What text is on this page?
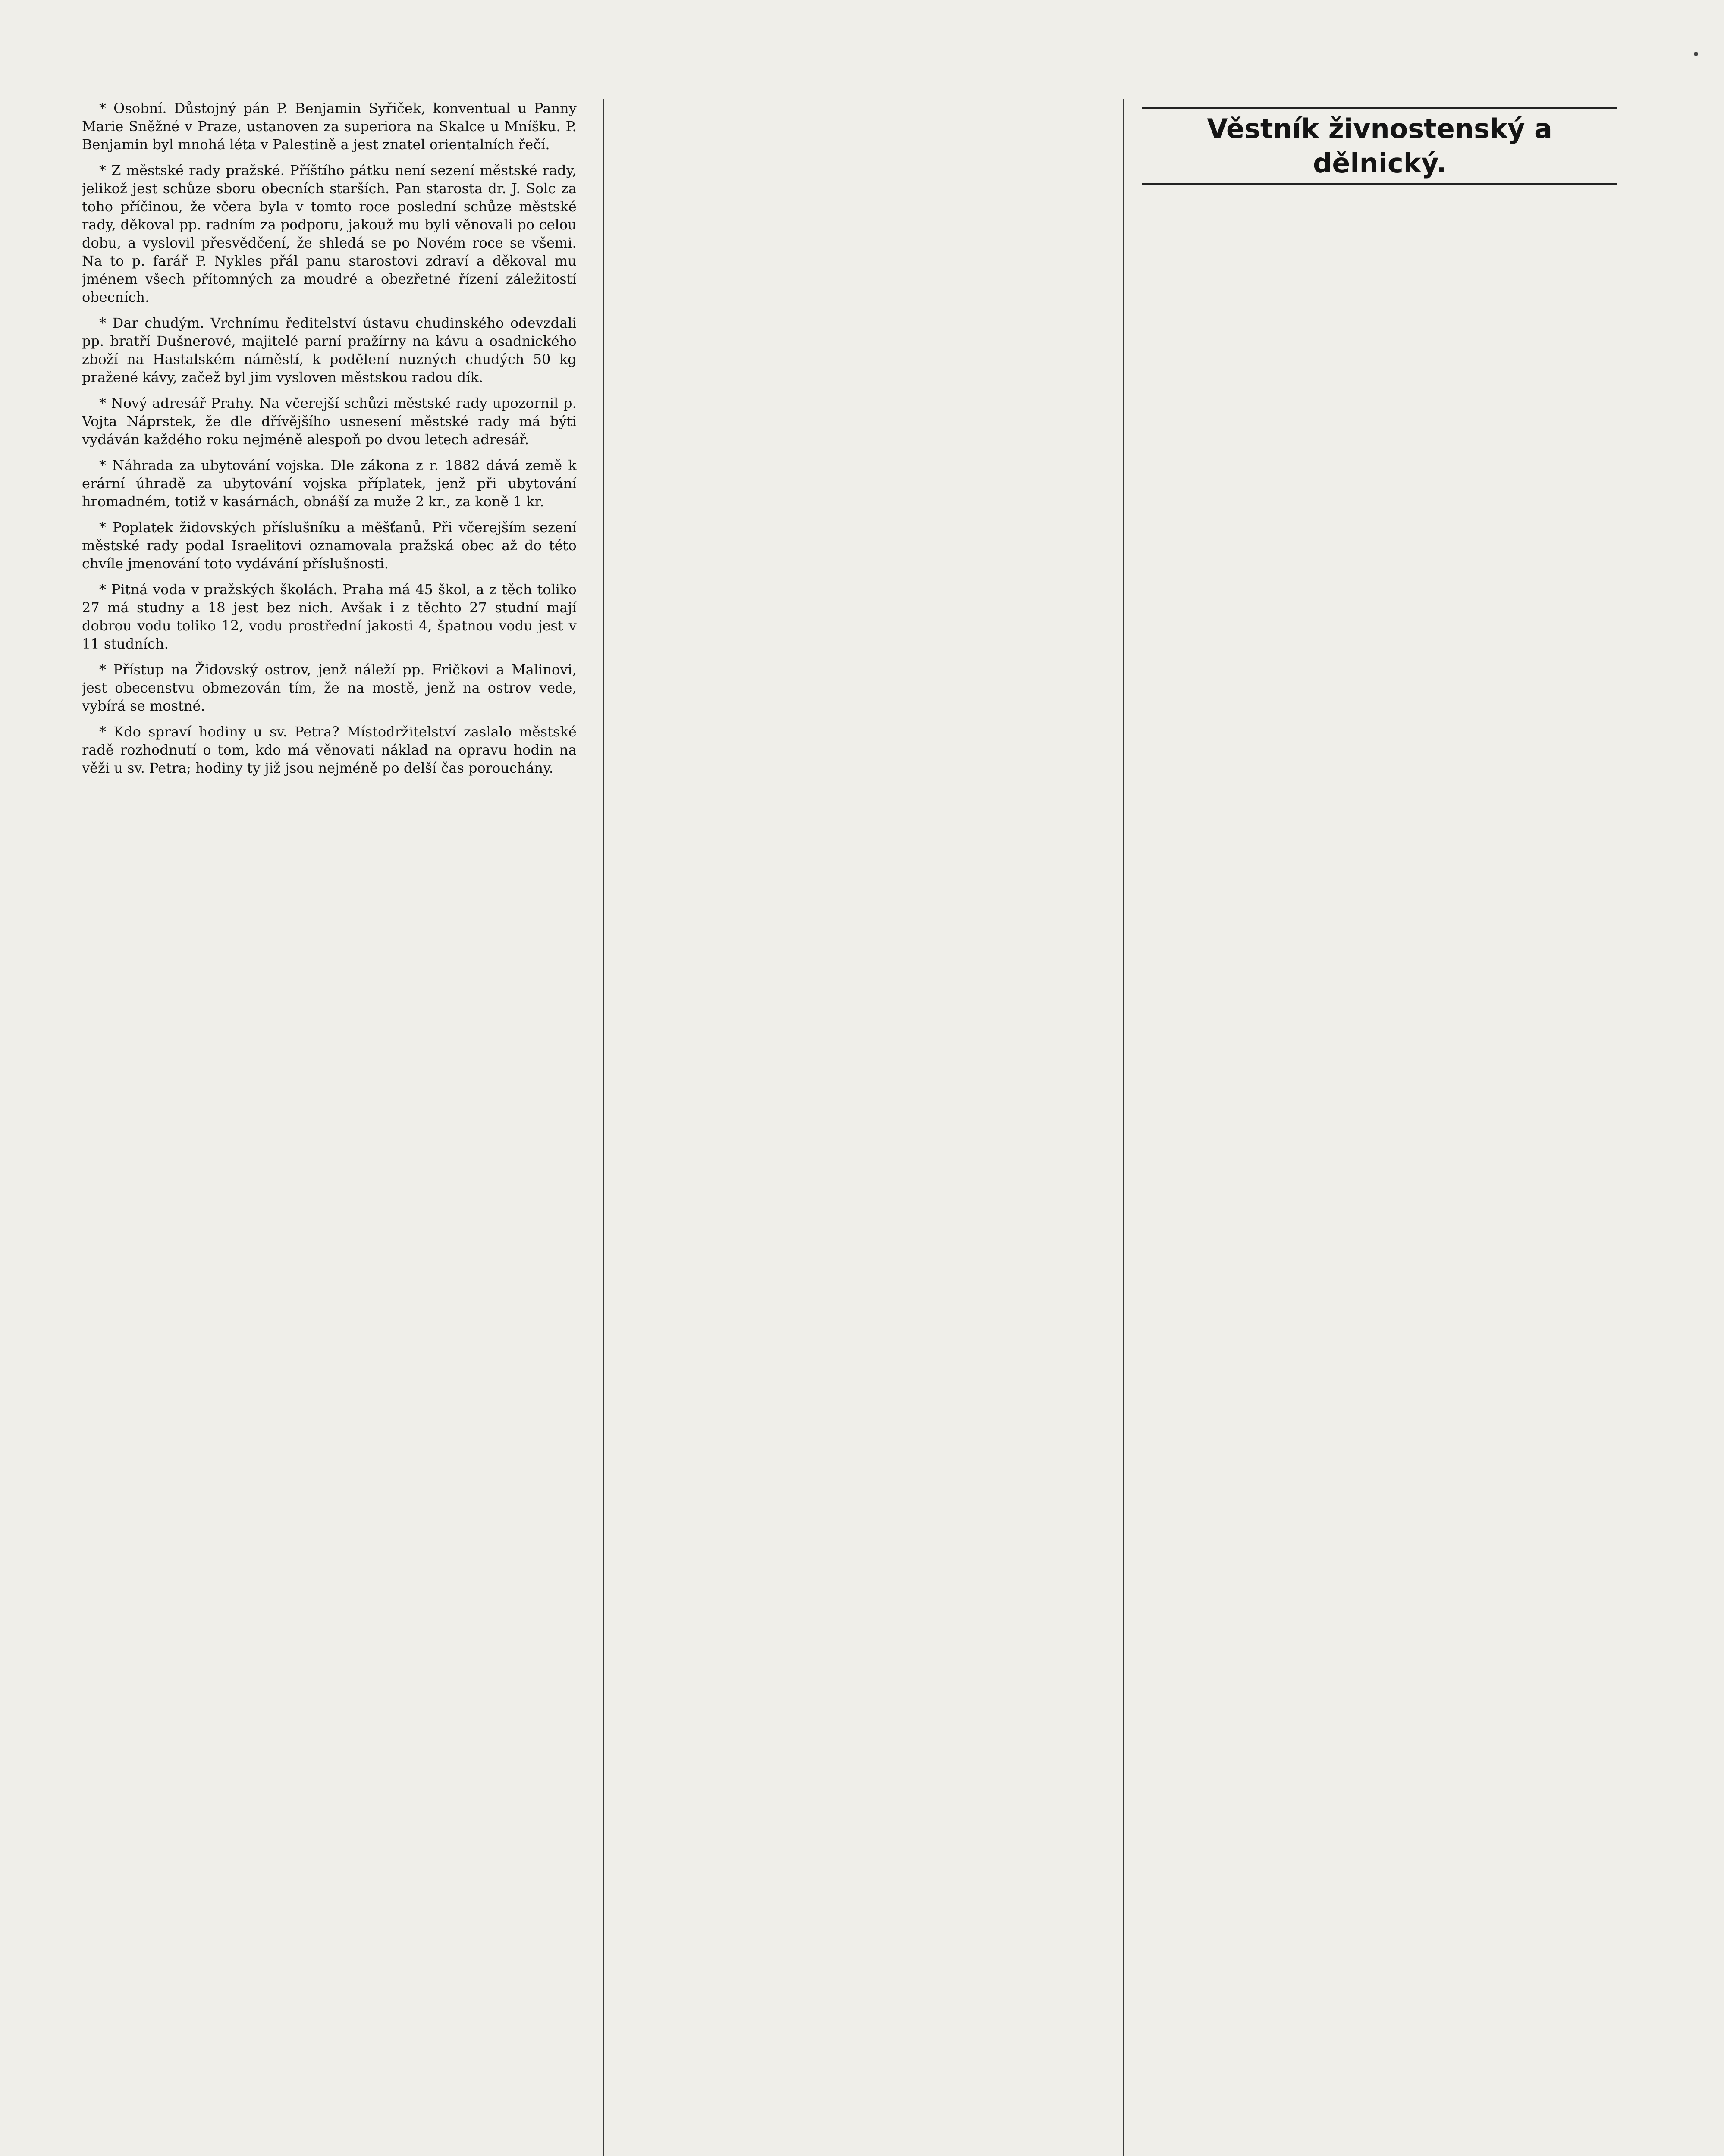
* Osobní. Důstojný pán P. Benjamin Syřiček, konventual u Panny Marie Sněžné v Praze, ustanoven za superiora na Skalce u Mníšku. P. Benjamin byl mnohá léta v Palestině a jest znatel orientalních řečí.

* Z městské rady pražské. Příštího pátku není sezení městské rady, jelikož jest schůze sboru obecních starších. Pan starosta dr. J. Solc za toho příčinou, že včera byla v tomto roce poslední schůze městské rady, děkoval pp. radním za podporu, jakouž mu byli věnovali po celou dobu, a vyslovil přesvědčení, že shledá se po Novém roce se všemi. Na to p. farář P. Nykles přál panu starostovi zdraví a děkoval mu jménem všech přítomných za moudré a obezřetné řízení záležitostí obecních.

* Dar chudým. Vrchnímu ředitelství ústavu chudinského odevzdali pp. bratří Dušnerové, majitelé parní pražírny na kávu a osadnického zboží na Hastalském náměstí, k podělení nuzných chudých 50 kg pražené kávy, začež byl jim vysloven městskou radou dík.

* Nový adresář Prahy. Na včerejší schůzi městské rady upozornil p. Vojta Náprstek, že dle dřívějšího usnesení městské rady má býti vydáván každého roku nejméně alespoň po dvou letech adresář.

* Náhrada za ubytování vojska. Dle zákona z r. 1882 dává země k erární úhradě za ubytování vojska příplatek, jenž při ubytování hromadném, totiž v kasárnách, obnáší za muže 2 kr., za koně 1 kr.

* Poplatek židovských příslušníku a měšťanů. Při včerejším sezení městské rady podal Israelitovi oznamovala pražská obec až do této chvíle jmenování toto vydávání příslušnosti.

* Pitná voda v pražských školách. Praha má 45 škol, a z těch toliko 27 má studny a 18 jest bez nich. Avšak i z těchto 27 studní mají dobrou vodu toliko 12, vodu prostřední jakosti 4, špatnou vodu jest v 11 studních.

* Přístup na Židovský ostrov, jenž náleží pp. Fričkovi a Malinovi, jest obecenstvu obmezován tím, že na mostě, jenž na ostrov vede, vybírá se mostné.

* Kdo spraví hodiny u sv. Petra? Místodržitelství zaslalo městské radě rozhodnutí o tom, kdo má věnovati náklad na opravu hodin na věži u sv. Petra; hodiny ty již jsou nejméně po delší čas porouchány.

Věstník živnostenský a dělnický.
